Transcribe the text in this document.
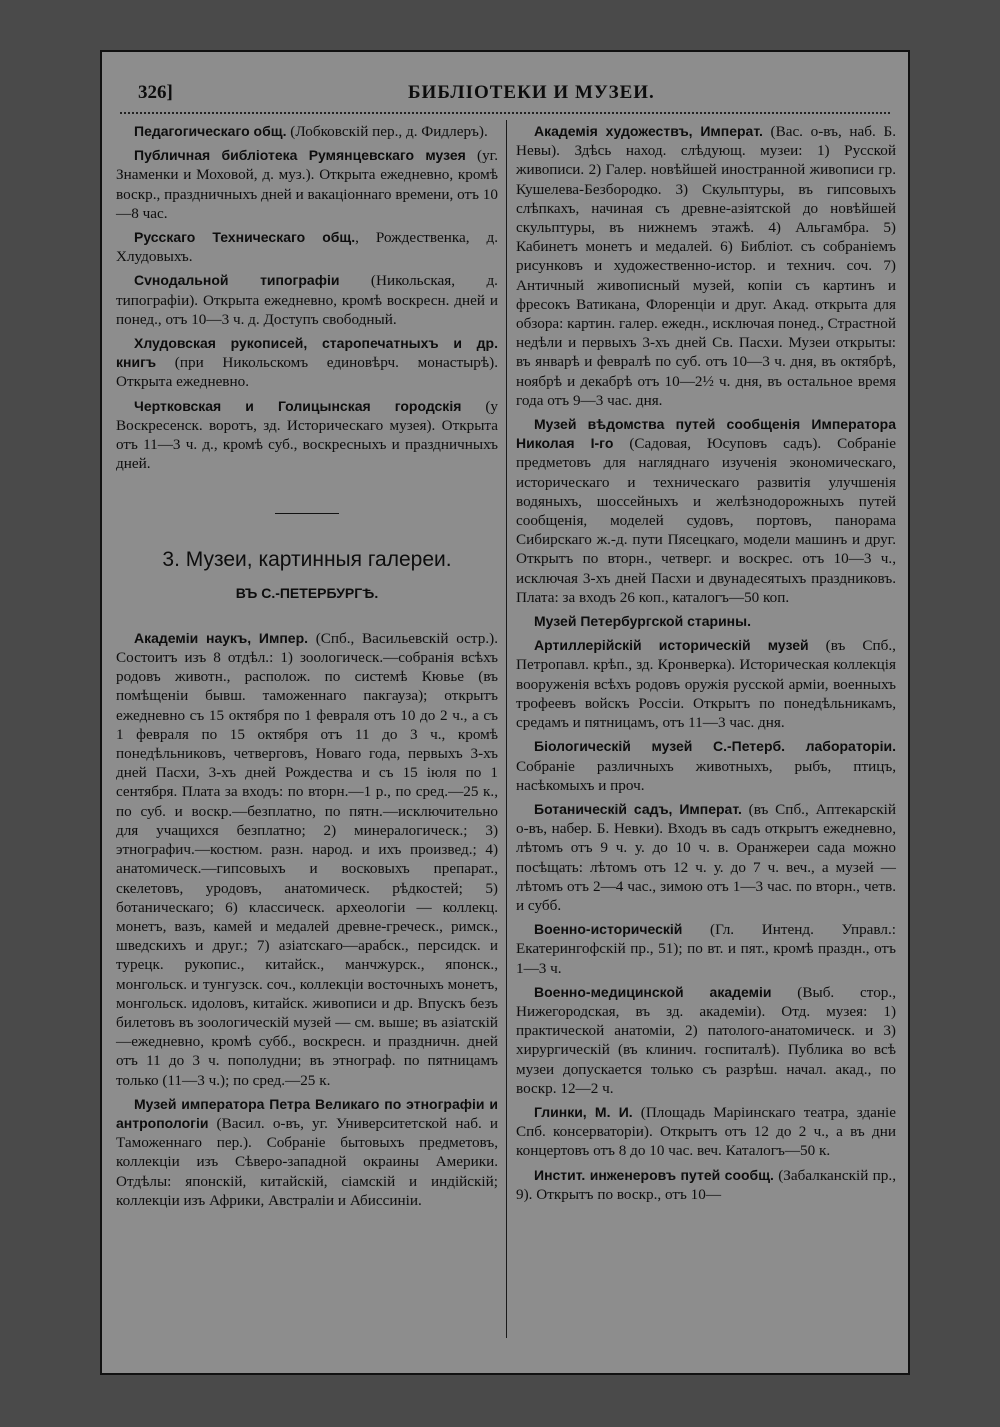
326]	БИБЛІОТЕКИ И МУЗЕИ.

Педагогическаго общ. (Лобковскій пер., д. Фидлеръ).

Публичная библіотека Румянцевскаго музея (уг. Знаменки и Моховой, д. муз.). Открыта ежедневно, кромѣ воскр., праздничныхъ дней и вакаціоннаго времени, отъ 10—8 час.

Русскаго Техническаго общ., Рождественка, д. Хлудовыхъ.

Сvнодальной типографіи (Никольская, д. типографіи). Открыта ежедневно, кромѣ воскресн. дней и понед., отъ 10—3 ч. д. Доступъ свободный.

Хлудовская рукописей, старопечатныхъ и др. книгъ (при Никольскомъ единовѣрч. монастырѣ). Открыта ежедневно.

Чертковская и Голицынская городскія (у Воскресенск. воротъ, зд. Историческаго музея). Открыта отъ 11—3 ч. д., кромѣ суб., воскресныхъ и праздничныхъ дней.

3. Музеи, картинныя галереи.
ВЪ С.-ПЕТЕРБУРГѢ.

Академіи наукъ, Импер. (Спб., Васильевскій остр.). Состоитъ изъ 8 отдѣл.: 1) зоологическ.—собранія всѣхъ родовъ животн., располож. по системѣ Кювье (въ помѣщеніи бывш. таможеннаго пакгауза); открытъ ежедневно съ 15 октября по 1 февраля отъ 10 до 2 ч., а съ 1 февраля по 15 октября отъ 11 до 3 ч., кромѣ понедѣльниковъ, четверговъ, Новаго года, первыхъ 3-хъ дней Пасхи, 3-хъ дней Рождества и съ 15 іюля по 1 сентября. Плата за входъ: по вторн.—1 р., по сред.—25 к., по суб. и воскр.—безплатно, по пятн.—исключительно для учащихся безплатно; 2) минералогическ.; 3) этнографич.—костюм. разн. народ. и ихъ произвед.; 4) анатомическ.—гипсовыхъ и восковыхъ препарат., скелетовъ, уродовъ, анатомическ. рѣдкостей; 5) ботаническаго; 6) классическ. археологіи — коллекц. монетъ, вазъ, камей и медалей древне-греческ., римск., шведскихъ и друг.; 7) азіатскаго—арабск., персидск. и турецк. рукопис., китайск., манчжурск., японск., монгольск. и тунгузск. соч., коллекціи восточныхъ монетъ, монгольск. идоловъ, китайск. живописи и др. Впускъ безъ билетовъ въ зоологическій музей — см. выше; въ азіатскій—ежедневно, кромѣ субб., воскресн. и праздничн. дней отъ 11 до 3 ч. пополудни; въ этнограф. по пятницамъ только (11—3 ч.); по сред.—25 к.

Музей императора Петра Великаго по этнографіи и антропологіи (Васил. о-въ, уг. Университетской наб. и Таможеннаго пер.). Собраніе бытовыхъ предметовъ, коллекціи изъ Сѣверо-западной окраины Америки. Отдѣлы: японскій, китайскій, сіамскій и индійскій; коллекціи изъ Африки, Австраліи и Абиссиніи.

Академія художествъ, Императ. (Вас. о-въ, наб. Б. Невы). Здѣсь наход. слѣдующ. музеи: 1) Русской живописи. 2) Галер. новѣйшей иностранной живописи гр. Кушелева-Безбородко. 3) Скульптуры, въ гипсовыхъ слѣпкахъ, начиная съ древне-азіятской до новѣйшей скульптуры, въ нижнемъ этажѣ. 4) Альгамбра. 5) Кабинетъ монетъ и медалей. 6) Библіот. съ собраніемъ рисунковъ и художественно-истор. и технич. соч. 7) Античный живописный музей, копіи съ картинъ и фресокъ Ватикана, Флоренціи и друг. Акад. открыта для обзора: картин. галер. ежедн., исключая понед., Страстной недѣли и первыхъ 3-хъ дней Св. Пасхи. Музеи открыты: въ январѣ и февралѣ по суб. отъ 10—3 ч. дня, въ октябрѣ, ноябрѣ и декабрѣ отъ 10—2½ ч. дня, въ остальное время года отъ 9—3 час. дня.

Музей вѣдомства путей сообщенія Императора Николая I-го (Садовая, Юсуповъ садъ). Собраніе предметовъ для нагляднаго изученія экономическаго, историческаго и техническаго развитія улучшенія водяныхъ, шоссейныхъ и желѣзнодорожныхъ путей сообщенія, моделей судовъ, портовъ, панорама Сибирскаго ж.-д. пути Пясецкаго, модели машинъ и друг. Открытъ по вторн., четверг. и воскрес. отъ 10—3 ч., исключая 3-хъ дней Пасхи и двунадесятыхъ праздниковъ. Плата: за входъ 26 коп., каталогъ—50 коп.

Музей Петербургской старины.

Артиллерійскій историческій музей (въ Спб., Петропавл. крѣп., зд. Кронверка). Историческая коллекція вооруженія всѣхъ родовъ оружія русской арміи, военныхъ трофеевъ войскъ Россіи. Открытъ по понедѣльникамъ, средамъ и пятницамъ, отъ 11—3 час. дня.

Біологическій музей С.-Петерб. лабораторіи. Собраніе различныхъ животныхъ, рыбъ, птицъ, насѣкомыхъ и проч.

Ботаническій садъ, Императ. (въ Спб., Аптекарскій о-въ, набер. Б. Невки). Входъ въ садъ открытъ ежедневно, лѣтомъ отъ 9 ч. у. до 10 ч. в. Оранжереи сада можно посѣщать: лѣтомъ отъ 12 ч. у. до 7 ч. веч., а музей — лѣтомъ отъ 2—4 час., зимою отъ 1—3 час. по вторн., четв. и субб.

Военно-историческій (Гл. Интенд. Управл.: Екатерингофскій пр., 51); по вт. и пят., кромѣ праздн., отъ 1—3 ч.

Военно-медицинской академіи (Выб. стор., Нижегородская, въ зд. академіи). Отд. музея: 1) практической анатоміи, 2) патолого-анатомическ. и 3) хирургическій (въ клинич. госпиталѣ). Публика во всѣ музеи допускается только съ разрѣш. начал. акад., по воскр. 12—2 ч.

Глинки, М. И. (Площадь Маріинскаго театра, зданіе Спб. консерваторіи). Открытъ отъ 12 до 2 ч., а въ дни концертовъ отъ 8 до 10 час. веч. Каталогъ—50 к.

Инстит. инженеровъ путей сообщ. (Забалканскій пр., 9). Открытъ по воскр., отъ 10—
